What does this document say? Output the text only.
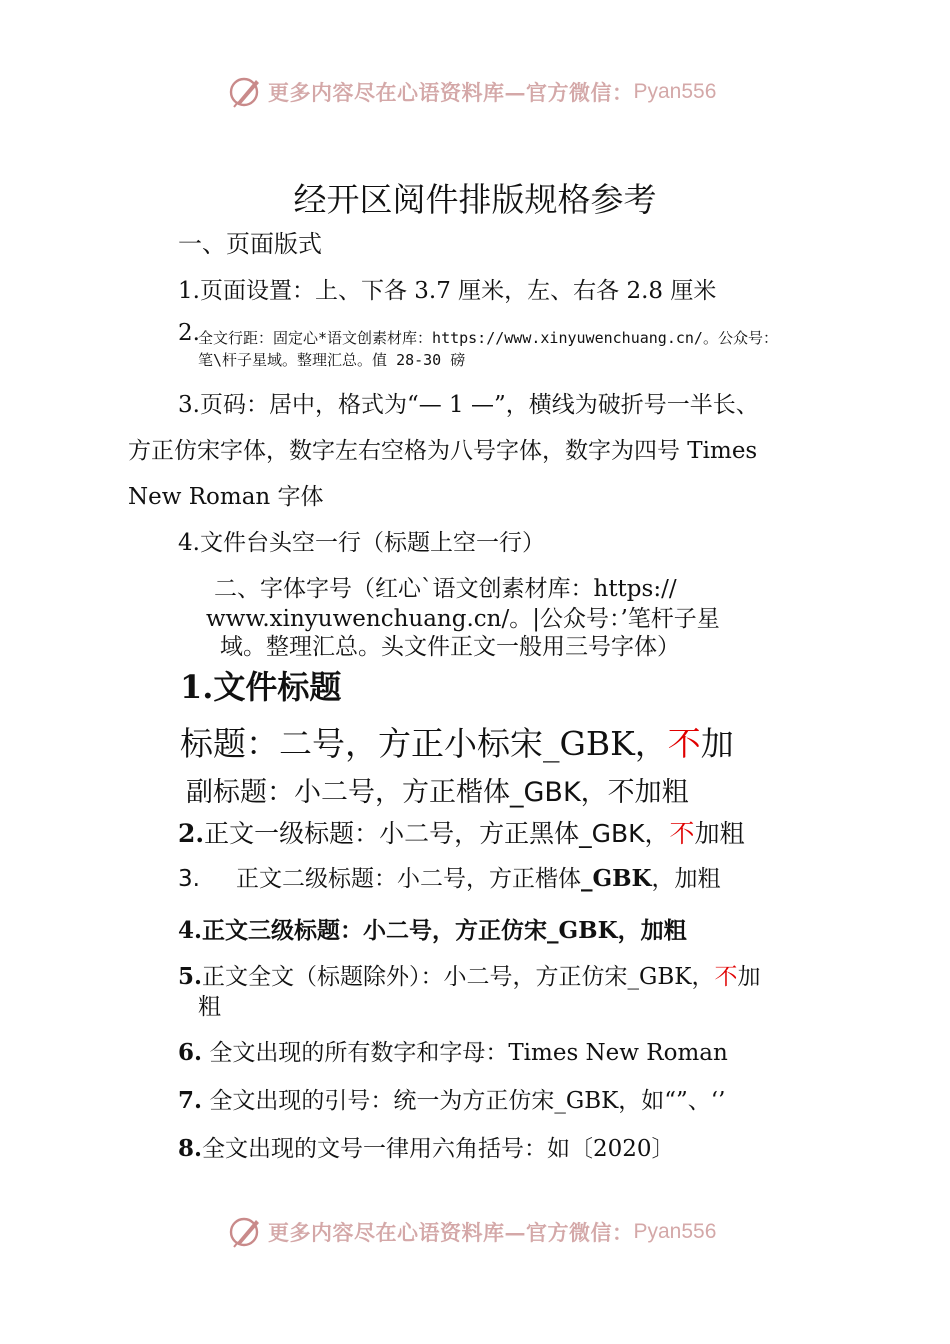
更多内容尽在心语资料库—官方微信： Pyan556
经开区阅件排版规格参考
一、页面版式
1.页面设置：上、下各 3.7 厘米，左、右各 2.8 厘米
2.
全文行距：固定心*语文创素材库：https://www.xinyuwenchuang.cn/。公众号：
笔\杆子星域。整理汇总。值 28-30 磅
3.页码：居中，格式为“— 1 —”，横线为破折号一半长、
方正仿宋字体，数字左右空格为八号字体，数字为四号 Times
New Roman 字体
4.文件台头空一行（标题上空一行）
二、字体字号（红心`语文创素材库：https://
www.xinyuwenchuang.cn/。|公众号：’笔杆子星
域。整理汇总。头文件正文一般用三号字体）
1.文件标题
标题：二号，方正小标宋_GBK，不加
副标题：小二号，方正楷体_GBK，不加粗
2.正文一级标题：小二号，方正黑体_GBK，不加粗
3. 正文二级标题：小二号，方正楷体_GBK，加粗
4.正文三级标题：小二号，方正仿宋_GBK，加粗
5.正文全文（标题除外）：小二号，方正仿宋_GBK，不加
粗
6. 全文出现的所有数字和字母：Times New Roman
7. 全文出现的引号：统一为方正仿宋_GBK，如“”、‘’
8.全文出现的文号一律用六角括号：如〔2020〕
更多内容尽在心语资料库—官方微信： Pyan556
